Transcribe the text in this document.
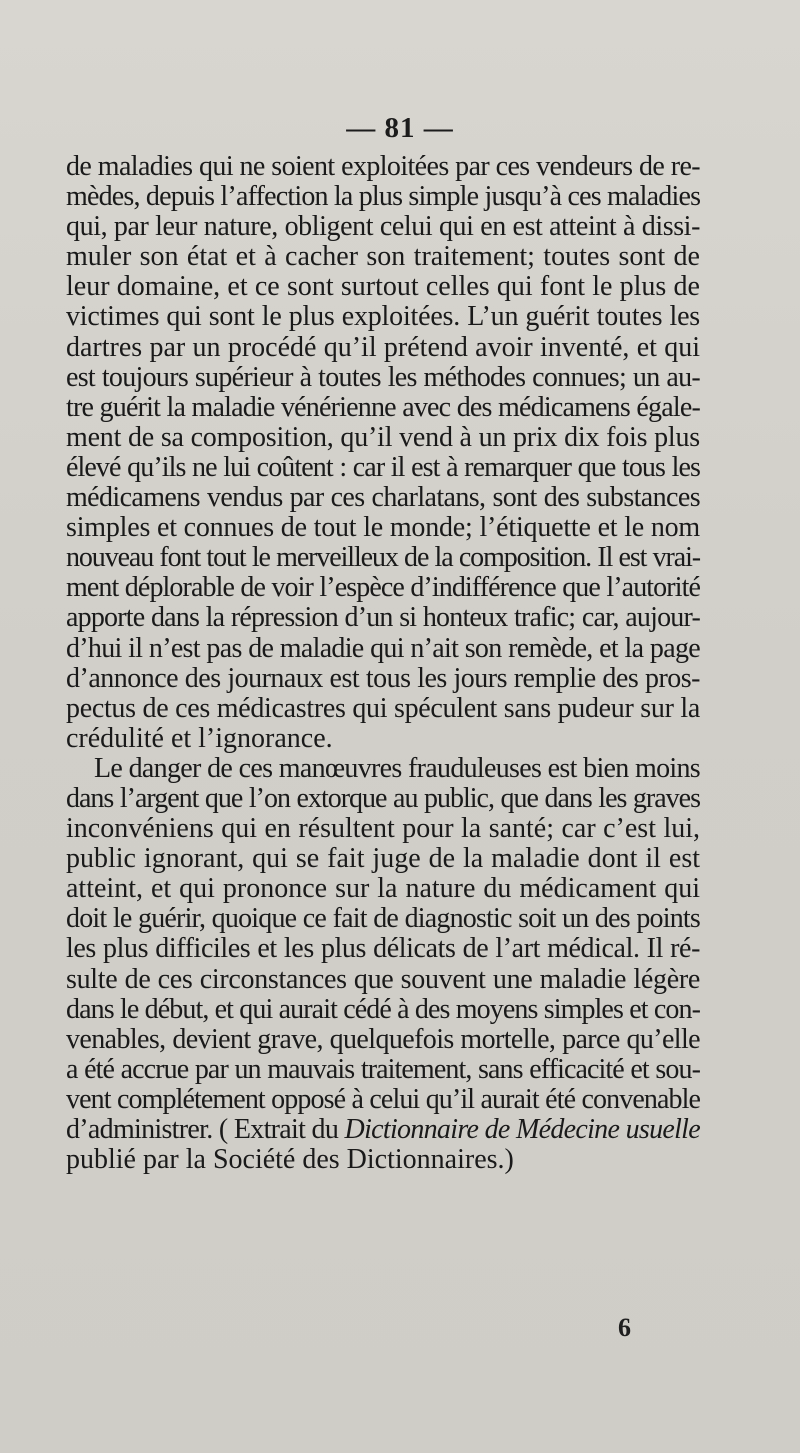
— 81 —
de maladies qui ne soient exploitées par ces vendeurs de re-
mèdes, depuis l’affection la plus simple jusqu’à ces maladies
qui, par leur nature, obligent celui qui en est atteint à dissi-
muler son état et à cacher son traitement; toutes sont de
leur domaine, et ce sont surtout celles qui font le plus de
victimes qui sont le plus exploitées. L’un guérit toutes les
dartres par un procédé qu’il prétend avoir inventé, et qui
est toujours supérieur à toutes les méthodes connues; un au-
tre guérit la maladie vénérienne avec des médicamens égale-
ment de sa composition, qu’il vend à un prix dix fois plus
élevé qu’ils ne lui coûtent : car il est à remarquer que tous les
médicamens vendus par ces charlatans, sont des substances
simples et connues de tout le monde; l’étiquette et le nom
nouveau font tout le merveilleux de la composition. Il est vrai-
ment déplorable de voir l’espèce d’indifférence que l’autorité
apporte dans la répression d’un si honteux trafic; car, aujour-
d’hui il n’est pas de maladie qui n’ait son remède, et la page
d’annonce des journaux est tous les jours remplie des pros-
pectus de ces médicastres qui spéculent sans pudeur sur la
crédulité et l’ignorance.
Le danger de ces manœuvres frauduleuses est bien moins
dans l’argent que l’on extorque au public, que dans les graves
inconvéniens qui en résultent pour la santé; car c’est lui,
public ignorant, qui se fait juge de la maladie dont il est
atteint, et qui prononce sur la nature du médicament qui
doit le guérir, quoique ce fait de diagnostic soit un des points
les plus difficiles et les plus délicats de l’art médical. Il ré-
sulte de ces circonstances que souvent une maladie légère
dans le début, et qui aurait cédé à des moyens simples et con-
venables, devient grave, quelquefois mortelle, parce qu’elle
a été accrue par un mauvais traitement, sans efficacité et sou-
vent complétement opposé à celui qu’il aurait été convenable
d’administrer. ( Extrait du Dictionnaire de Médecine usuelle
publié par la Société des Dictionnaires.)
6
